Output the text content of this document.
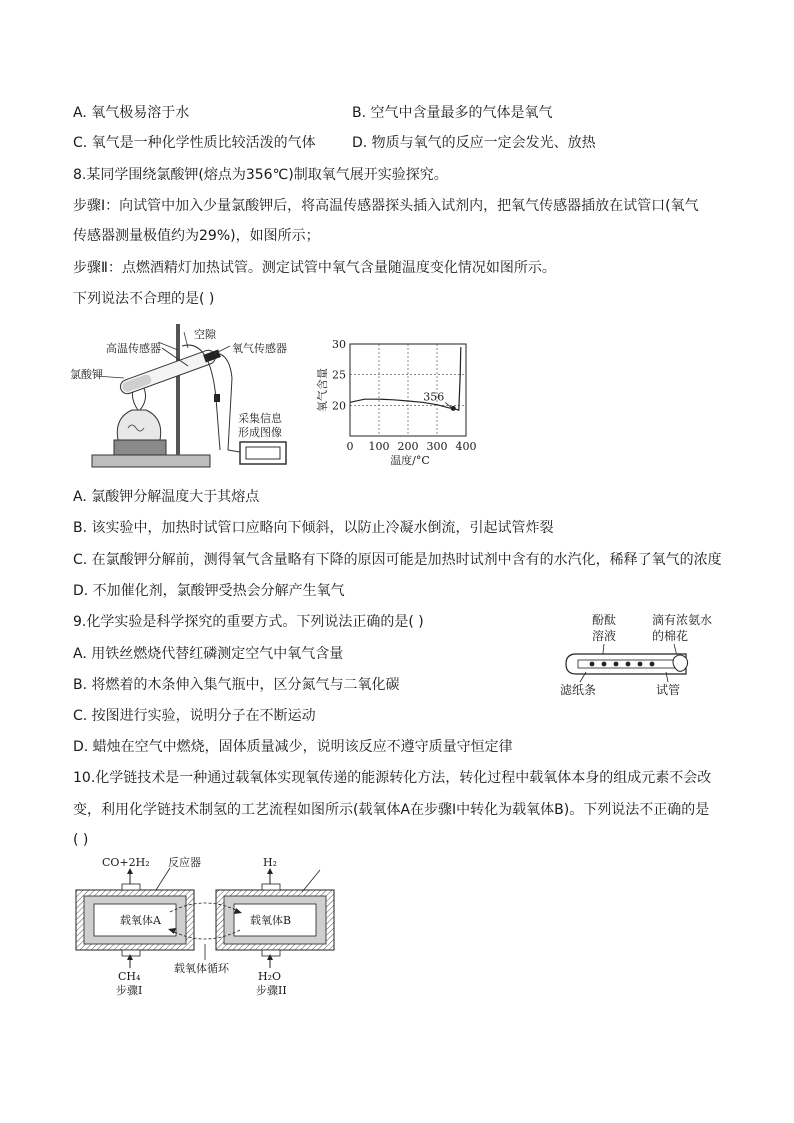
A. 氧气极易溶于水	B. 空气中含量最多的气体是氧气
C. 氧气是一种化学性质比较活泼的气体	D. 物质与氧气的反应一定会发光、放热
8.某同学围绕氯酸钾(熔点为356℃)制取氧气展开实验探究。
步骤Ⅰ：向试管中加入少量氯酸钾后，将高温传感器探头插入试剂内，把氧气传感器插放在试管口(氧气
传感器测量极值约为29%)，如图所示；
步骤Ⅱ：点燃酒精灯加热试管。测定试管中氧气含量随温度变化情况如图所示。
下列说法不合理的是( )
高温传感器
空隙
氧气传感器
氯酸钾
采集信息
形成图像
20
25
30
0 100 200 300 400
356
氧气含量
温度/°C
A. 氯酸钾分解温度大于其熔点
B. 该实验中，加热时试管口应略向下倾斜，以防止冷凝水倒流，引起试管炸裂
C. 在氯酸钾分解前，测得氧气含量略有下降的原因可能是加热时试剂中含有的水汽化，稀释了氧气的浓度
D. 不加催化剂，氯酸钾受热会分解产生氧气
9.化学实验是科学探究的重要方式。下列说法正确的是( )
A. 用铁丝燃烧代替红磷测定空气中氧气含量
B. 将燃着的木条伸入集气瓶中，区分氮气与二氧化碳
C. 按图进行实验，说明分子在不断运动
D. 蜡烛在空气中燃烧，固体质量减少，说明该反应不遵守质量守恒定律
酚酞
溶液
滴有浓氨水
的棉花
滤纸条	试管
10.化学链技术是一种通过载氧体实现氧传递的能源转化方法，转化过程中载氧体本身的组成元素不会改
变，利用化学链技术制氢的工艺流程如图所示(载氧体A在步骤Ⅰ中转化为载氧体B)。下列说法不正确的是
( )
载氧体A	载氧体B
CO+2H₂ 反应器	H₂
载氧体循环
CH₄
步骤I
H₂O
步骤II
